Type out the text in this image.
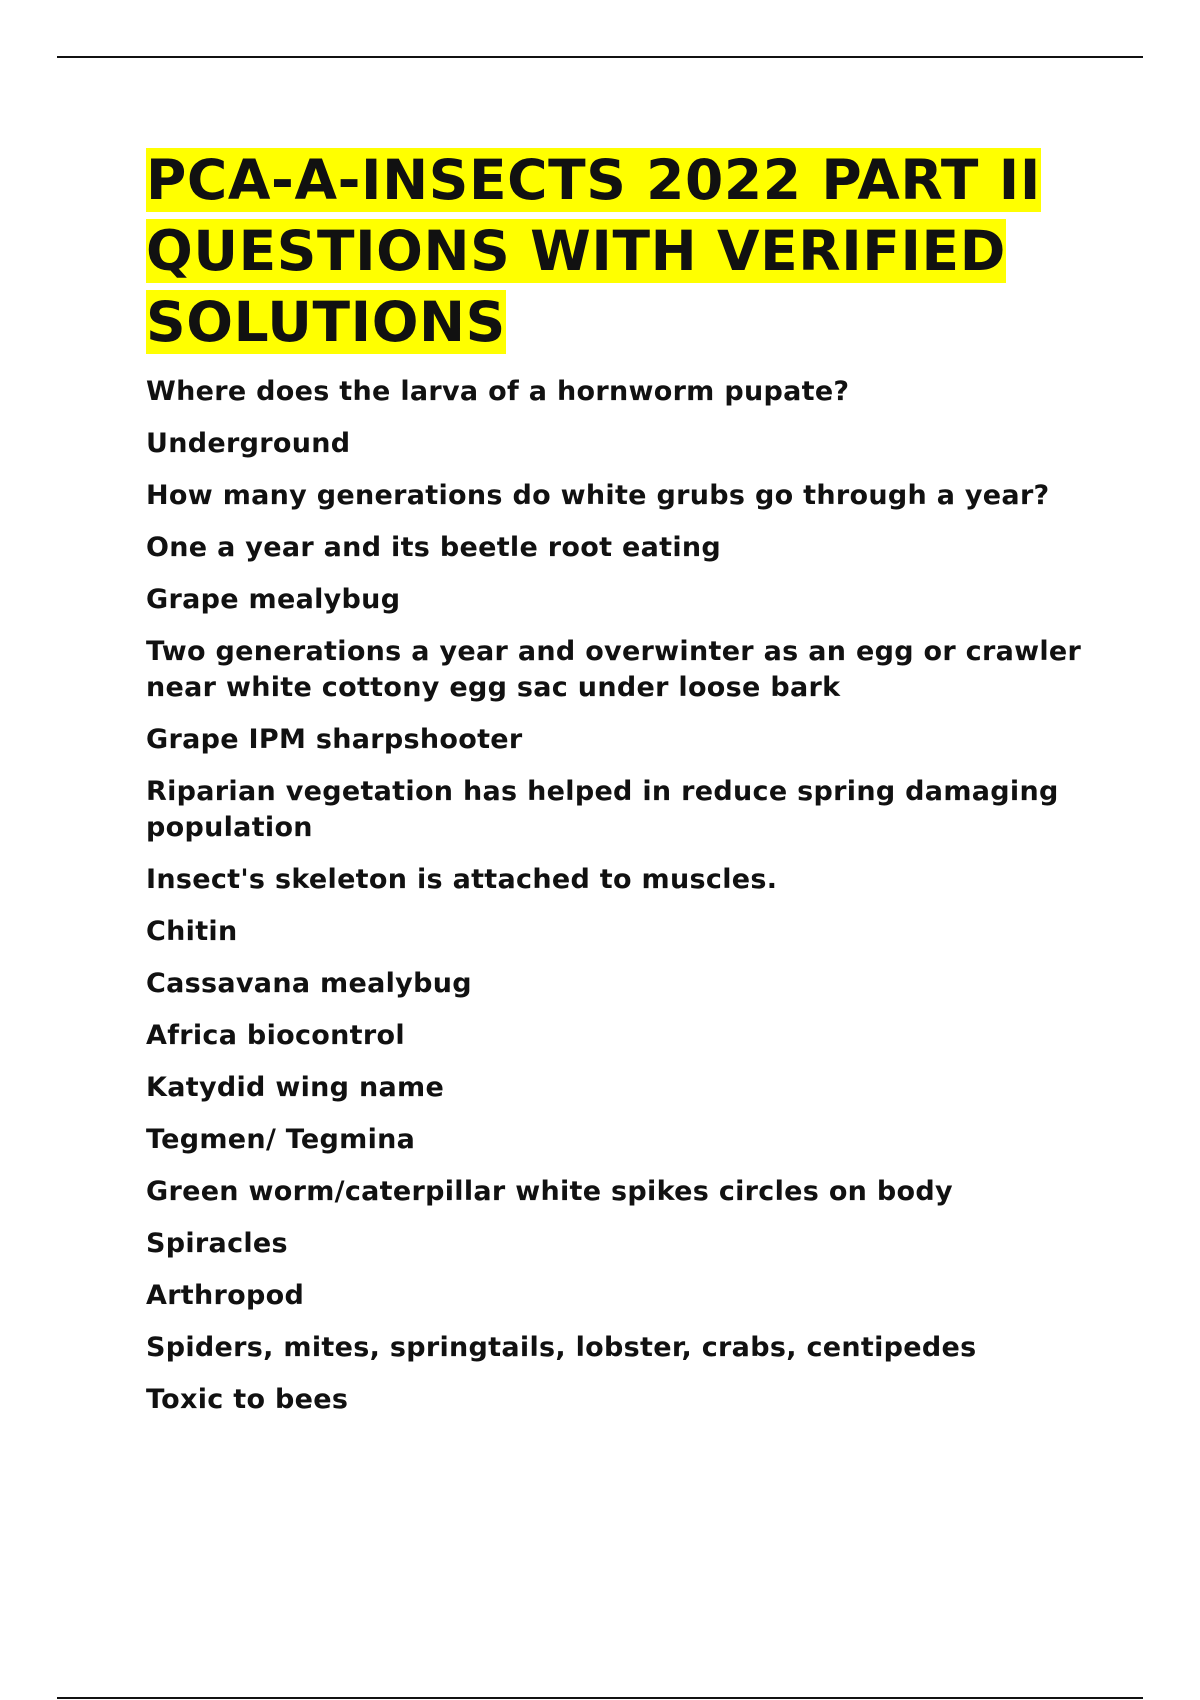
PCA-A-INSECTS 2022 PART II QUESTIONS WITH VERIFIED SOLUTIONS
Where does the larva of a hornworm pupate?
Underground
How many generations do white grubs go through a year?
One a year and its beetle root eating
Grape mealybug
Two generations a year and overwinter as an egg or crawler near white cottony egg sac under loose bark
Grape IPM sharpshooter
Riparian vegetation has helped in reduce spring damaging population
Insect's skeleton is attached to muscles.
Chitin
Cassavana mealybug
Africa biocontrol
Katydid wing name
Tegmen/ Tegmina
Green worm/caterpillar white spikes circles on body
Spiracles
Arthropod
Spiders, mites, springtails, lobster, crabs, centipedes
Toxic to bees
